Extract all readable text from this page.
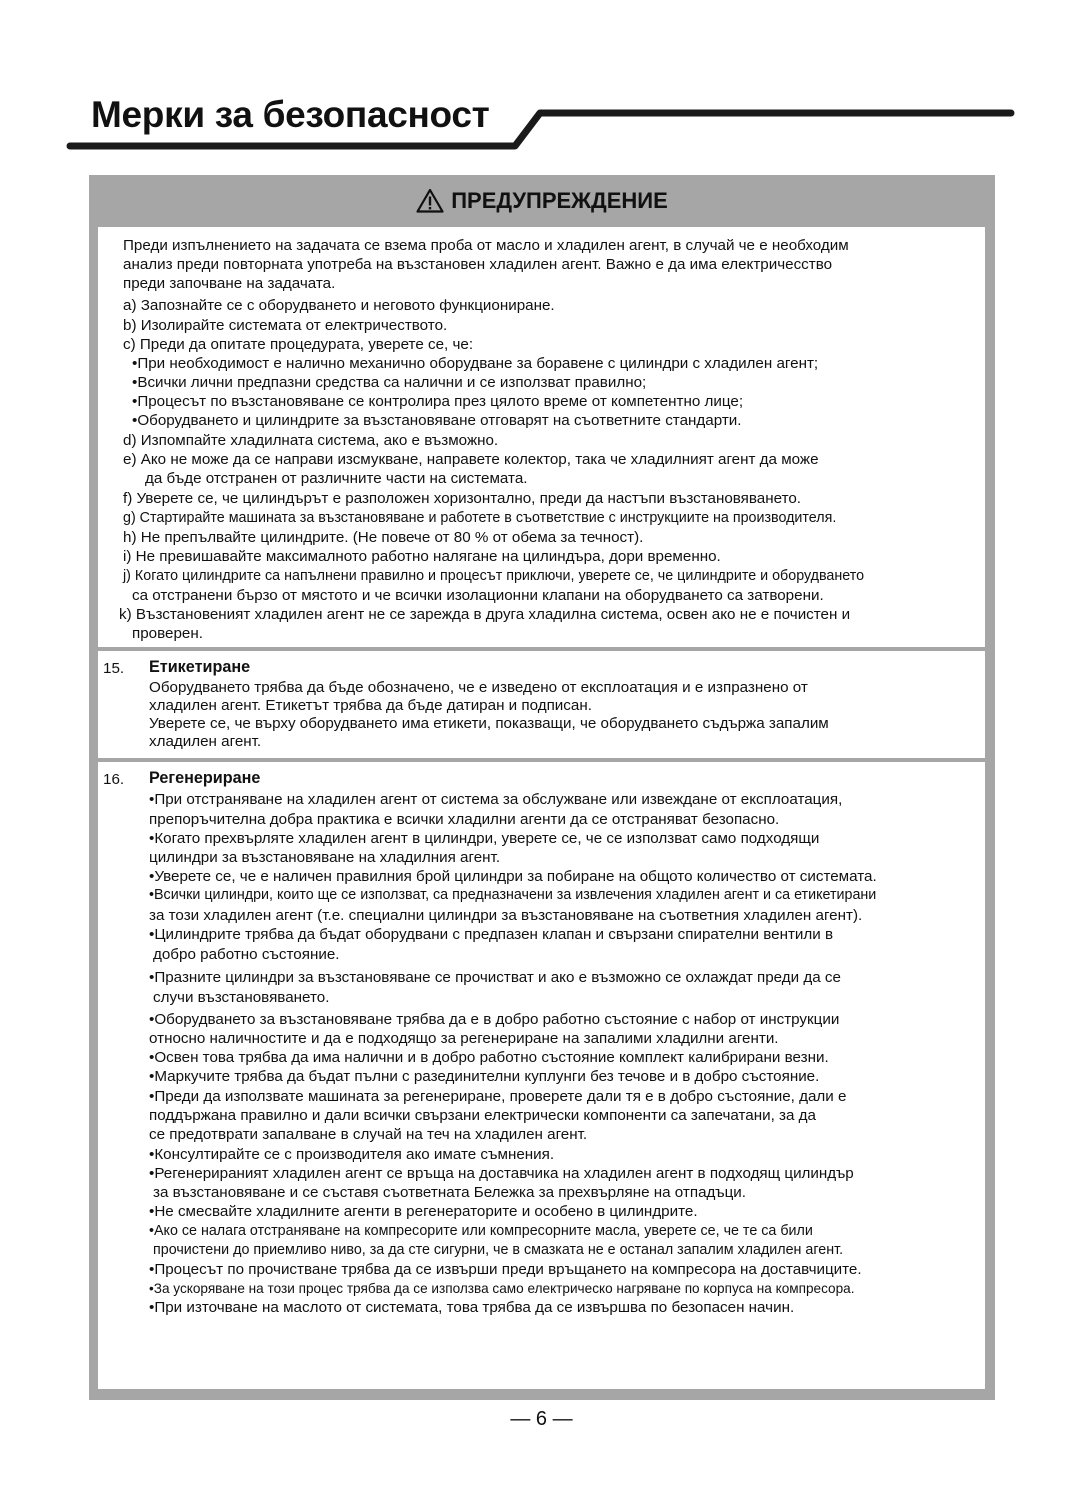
Мерки за безопасност
ПРЕДУПРЕЖДЕНИЕ
Преди изпълнението на задачата се взема проба от масло и хладилен агент, в случай че е необходим
анализ преди повторната употреба на възстановен хладилен агент. Важно е да има електричесство
преди започване на задачата.
a) Запознайте се с оборудването и неговото функциониране.
b) Изолирайте системата от електричеството.
c) Преди да опитате процедурата, уверете се, че:
•При необходимост е налично механично оборудване за боравене с цилиндри с хладилен агент;
•Всички лични предпазни средства са налични и се използват правилно;
•Процесът по възстановяване се контролира през цялото време от компетентно лице;
•Оборудването и цилиндрите за възстановяване отговарят на съответните стандарти.
d) Изпомпайте хладилната система, ако е възможно.
e) Ако не може да се направи изсмукване, направете колектор, така че хладилният агент да може
да бъде отстранен от различните части на системата.
f) Уверете се, че цилиндърът е разположен хоризонтално, преди да настъпи възстановяването.
g) Стартирайте машината за възстановяване и работете в съответствие с инструкциите на производителя.
h) Не препълвайте цилиндрите. (Не повече от 80 % от обема за течност).
i) Не превишавайте максималното работно налягане на цилиндъра, дори временно.
j) Когато цилиндрите са напълнени правилно и процесът приключи, уверете се, че цилиндрите и оборудването
са отстранени бързо от мястото и че всички изолационни клапани на оборудването са затворени.
k) Възстановеният хладилен агент не се зарежда в друга хладилна система, освен ако не е почистен и
проверен.
15. Етикетиране
Оборудването трябва да бъде обозначено, че е изведено от експлоатация и е изпразнено от
хладилен агент. Етикетът трябва да бъде датиран и подписан.
Уверете се, че върху оборудването има етикети, показващи, че оборудването съдържа запалим
хладилен агент.
16. Регенериране
•При отстраняване на хладилен агент от система за обслужване или извеждане от експлоатация,
препоръчителна добра практика е всички хладилни агенти да се отстраняват безопасно.
•Когато прехвърляте хладилен агент в цилиндри, уверете се, че се използват само подходящи
цилиндри за възстановяване на хладилния агент.
•Уверете се, че е наличен правилния брой цилиндри за побиране на общото количество от системата.
•Всички цилиндри, които ще се използват, са предназначени за извлечения хладилен агент и са етикетирани
за този хладилен агент (т.е. специални цилиндри за възстановяване на съответния хладилен агент).
•Цилиндрите трябва да бъдат оборудвани с предпазен клапан и свързани спирателни вентили в
добро работно състояние.
•Празните цилиндри за възстановяване се прочистват и ако е възможно се охлаждат преди да се
случи възстановяването.
•Оборудването за възстановяване трябва да е в добро работно състояние с набор от инструкции
относно наличностите и да е подходящо за регенериране на запалими хладилни агенти.
•Освен това трябва да има налични и в добро работно състояние комплект калибрирани везни.
•Маркучите трябва да бъдат пълни с разединителни куплунги без течове и в добро състояние.
•Преди да използвате машината за регенериране, проверете дали тя е в добро състояние, дали е
поддържана правилно и дали всички свързани електрически компоненти са запечатани, за да
се предотврати запалване в случай на теч на хладилен агент.
•Консултирайте се с производителя ако имате съмнения.
•Регенерираният хладилен агент се връща на доставчика на хладилен агент в подходящ цилиндър
за възстановяване и се съставя съответната Бележка за прехвърляне на отпадъци.
•Не смесвайте хладилните агенти в регенераторите и особено в цилиндрите.
•Ако се налага отстраняване на компресорите или компресорните масла, уверете се, че те са били
прочистени до приемливо ниво, за да сте сигурни, че в смазката не е останал запалим хладилен агент.
•Процесът по прочистване трябва да се извърши преди връщането на компресора на доставчиците.
•За ускоряване на този процес трябва да се използва само електрическо нагряване по корпуса на компресора.
•При източване на маслото от системата, това трябва да се извършва по безопасен начин.
— 6 —
